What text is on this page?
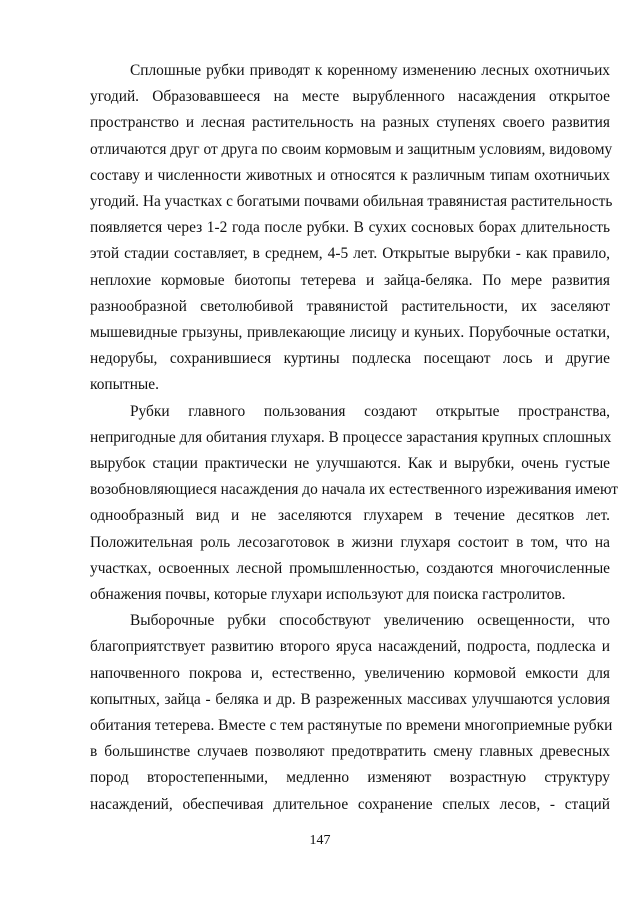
Сплошные рубки приводят к коренному изменению лесных охотничьих
угодий. Образовавшееся на месте вырубленного насаждения открытое
пространство и лесная растительность на разных ступенях своего развития
отличаются друг от друга по своим кормовым и защитным условиям, видовому
составу и численности животных и относятся к различным типам охотничьих
угодий. На участках с богатыми почвами обильная травянистая растительность
появляется через 1-2 года после рубки. В сухих сосновых борах длительность
этой стадии составляет, в среднем, 4-5 лет. Открытые вырубки - как правило,
неплохие кормовые биотопы тетерева и зайца-беляка. По мере развития
разнообразной светолюбивой травянистой растительности, их заселяют
мышевидные грызуны, привлекающие лисицу и куньих. Порубочные остатки,
недорубы, сохранившиеся куртины подлеска посещают лось и другие
копытные.
Рубки главного пользования создают открытые пространства,
непригодные для обитания глухаря. В процессе зарастания крупных сплошных
вырубок стации практически не улучшаются. Как и вырубки, очень густые
возобновляющиеся насаждения до начала их естественного изреживания имеют
однообразный вид и не заселяются глухарем в течение десятков лет.
Положительная роль лесозаготовок в жизни глухаря состоит в том, что на
участках, освоенных лесной промышленностью, создаются многочисленные
обнажения почвы, которые глухари используют для поиска гастролитов.
Выборочные рубки способствуют увеличению освещенности, что
благоприятствует развитию второго яруса насаждений, подроста, подлеска и
напочвенного покрова и, естественно, увеличению кормовой емкости для
копытных, зайца - беляка и др. В разреженных массивах улучшаются условия
обитания тетерева. Вместе с тем растянутые по времени многоприемные рубки
в большинстве случаев позволяют предотвратить смену главных древесных
пород второстепенными, медленно изменяют возрастную структуру
насаждений, обеспечивая длительное сохранение спелых лесов, - стаций
147
